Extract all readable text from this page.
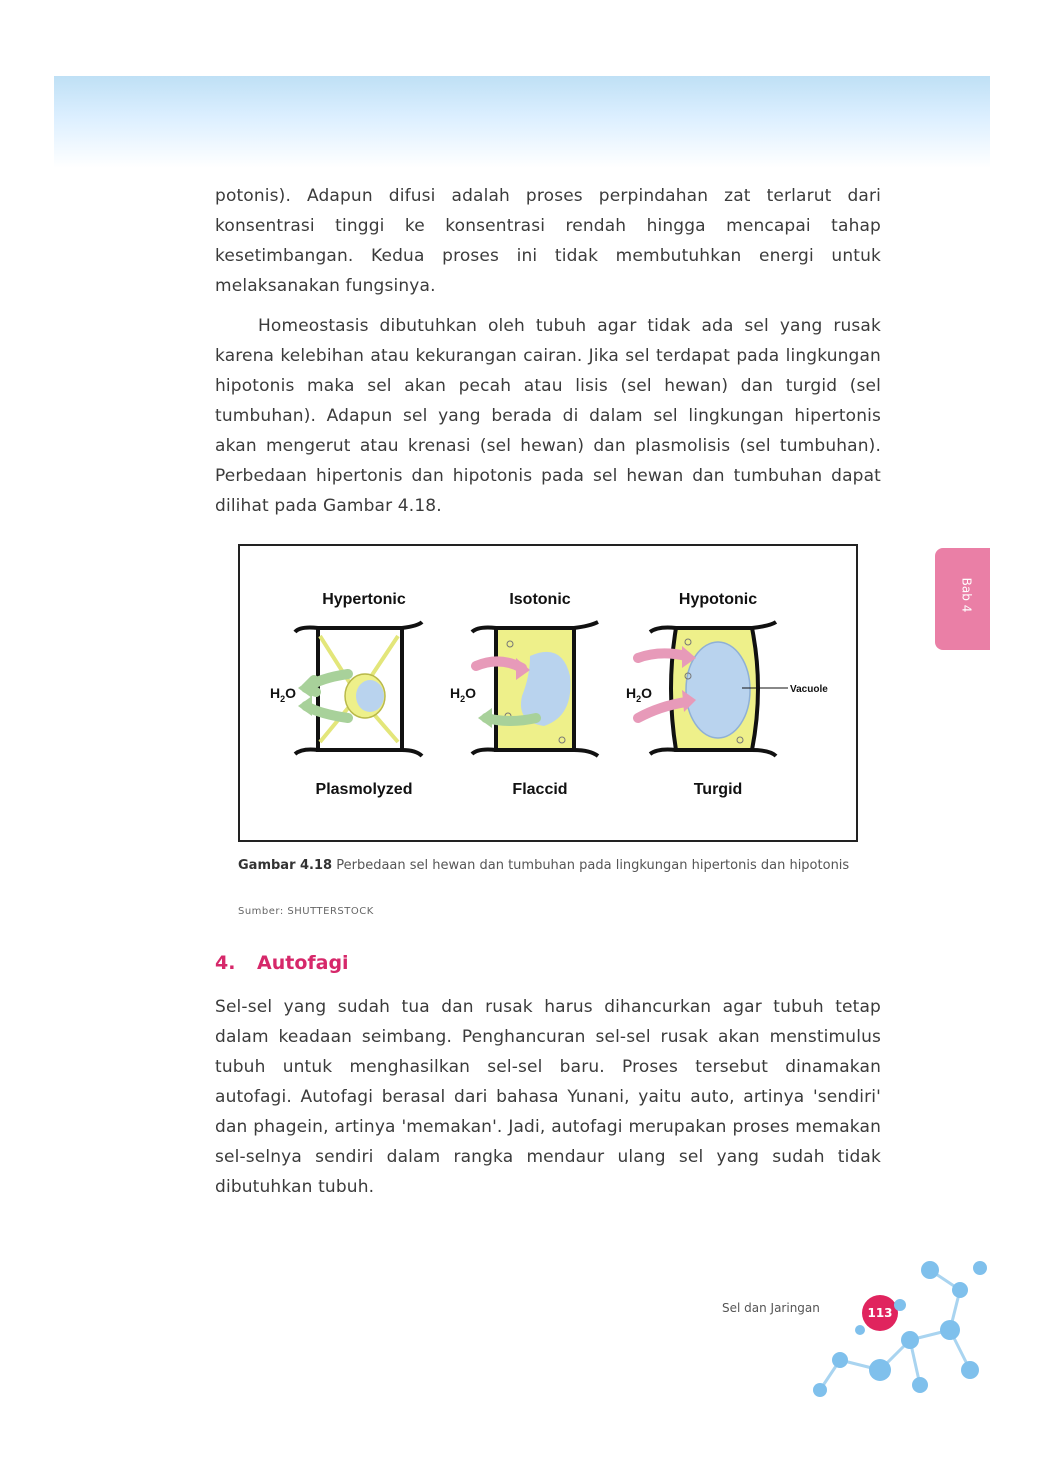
potonis). Adapun difusi adalah proses perpindahan zat terlarut dari konsentrasi tinggi ke konsentrasi rendah hingga mencapai tahap kesetimbangan. Kedua proses ini tidak membutuhkan energi untuk melaksanakan fungsinya.

Homeostasis dibutuhkan oleh tubuh agar tidak ada sel yang rusak karena kelebihan atau kekurangan cairan. Jika sel terdapat pada lingkungan hipotonis maka sel akan pecah atau lisis (sel hewan) dan turgid (sel tumbuhan). Adapun sel yang berada di dalam sel lingkungan hipertonis akan mengerut atau krenasi (sel hewan) dan plasmolisis (sel tumbuhan). Perbedaan hipertonis dan hipotonis pada sel hewan dan tumbuhan dapat dilihat pada Gambar 4.18.

Hypertonic	Isotonic	Hypotonic
$H_2O$	$H_2O$	Vacuole
$H_2O$
Plasmolyzed	Flaccid	Turgid
Gambar 4.18 Perbedaan sel hewan dan tumbuhan pada lingkungan hipertonis dan hipotonis
Sumber: SHUTTERSTOCK
4. Autofagi

Sel-sel yang sudah tua dan rusak harus dihancurkan agar tubuh tetap dalam keadaan seimbang. Penghancuran sel-sel rusak akan menstimulus tubuh untuk menghasilkan sel-sel baru. Proses tersebut dinamakan autofagi. Autofagi berasal dari bahasa Yunani, yaitu auto, artinya 'sendiri' dan phagein, artinya 'memakan'. Jadi, autofagi merupakan proses memakan sel-selnya sendiri dalam rangka mendaur ulang sel yang sudah tidak dibutuhkan tubuh.

Bab 4
Sel dan Jaringan	113
